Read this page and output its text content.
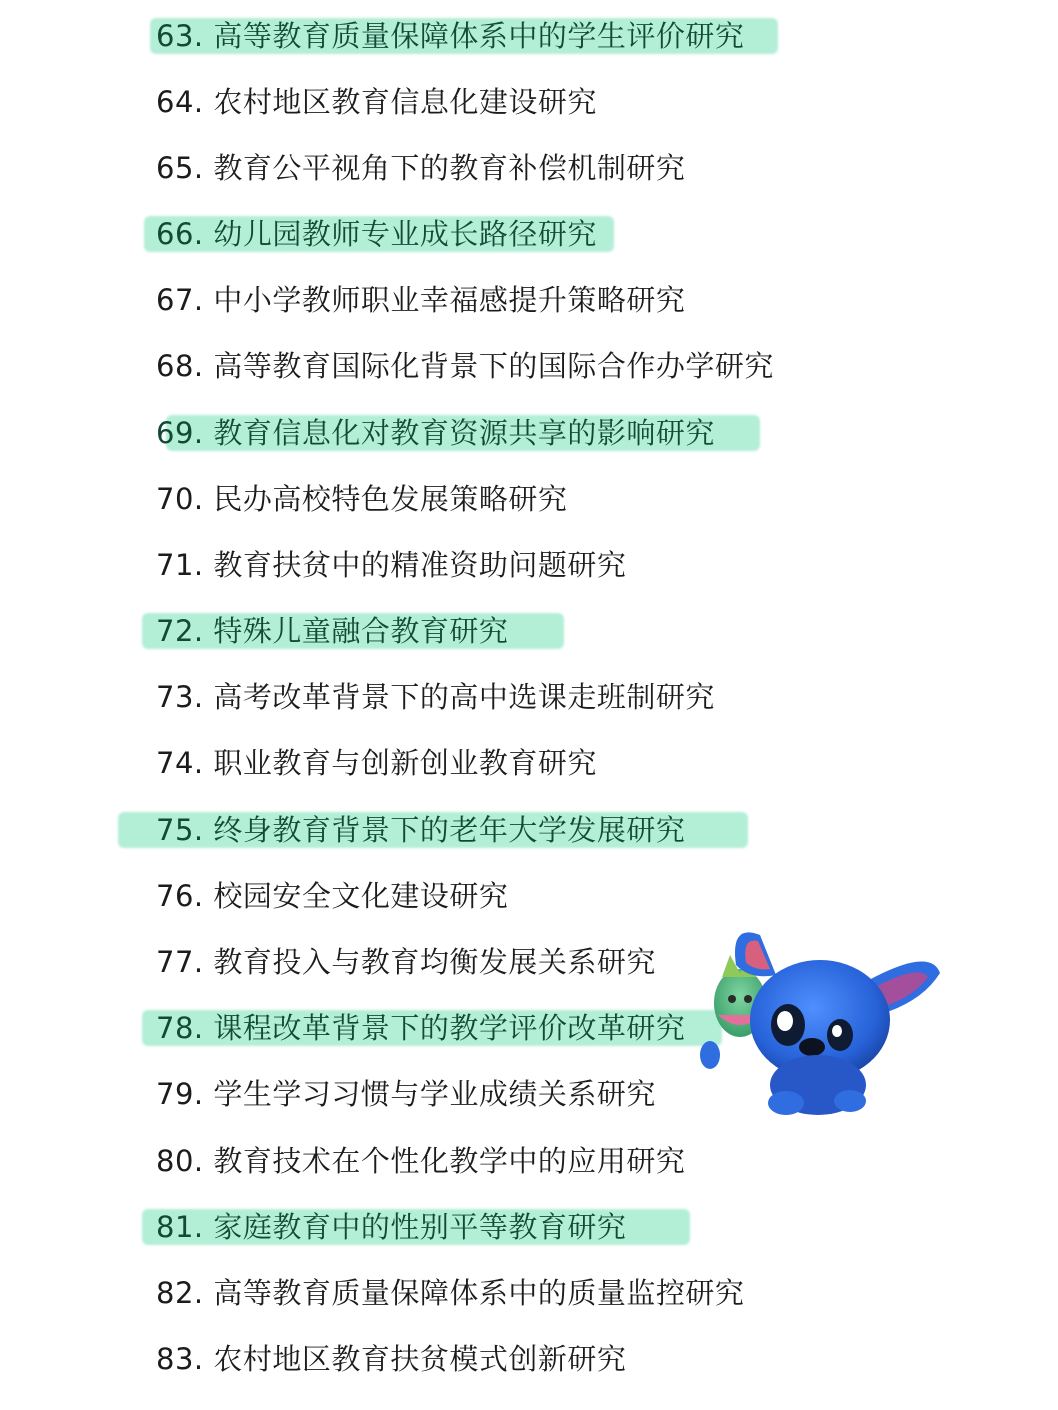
63. 高等教育质量保障体系中的学生评价研究
64. 农村地区教育信息化建设研究
65. 教育公平视角下的教育补偿机制研究
66. 幼儿园教师专业成长路径研究
67. 中小学教师职业幸福感提升策略研究
68. 高等教育国际化背景下的国际合作办学研究
69. 教育信息化对教育资源共享的影响研究
70. 民办高校特色发展策略研究
71. 教育扶贫中的精准资助问题研究
72. 特殊儿童融合教育研究
73. 高考改革背景下的高中选课走班制研究
74. 职业教育与创新创业教育研究
75. 终身教育背景下的老年大学发展研究
76. 校园安全文化建设研究
77. 教育投入与教育均衡发展关系研究
78. 课程改革背景下的教学评价改革研究
79. 学生学习习惯与学业成绩关系研究
80. 教育技术在个性化教学中的应用研究
81. 家庭教育中的性别平等教育研究
82. 高等教育质量保障体系中的质量监控研究
83. 农村地区教育扶贫模式创新研究
